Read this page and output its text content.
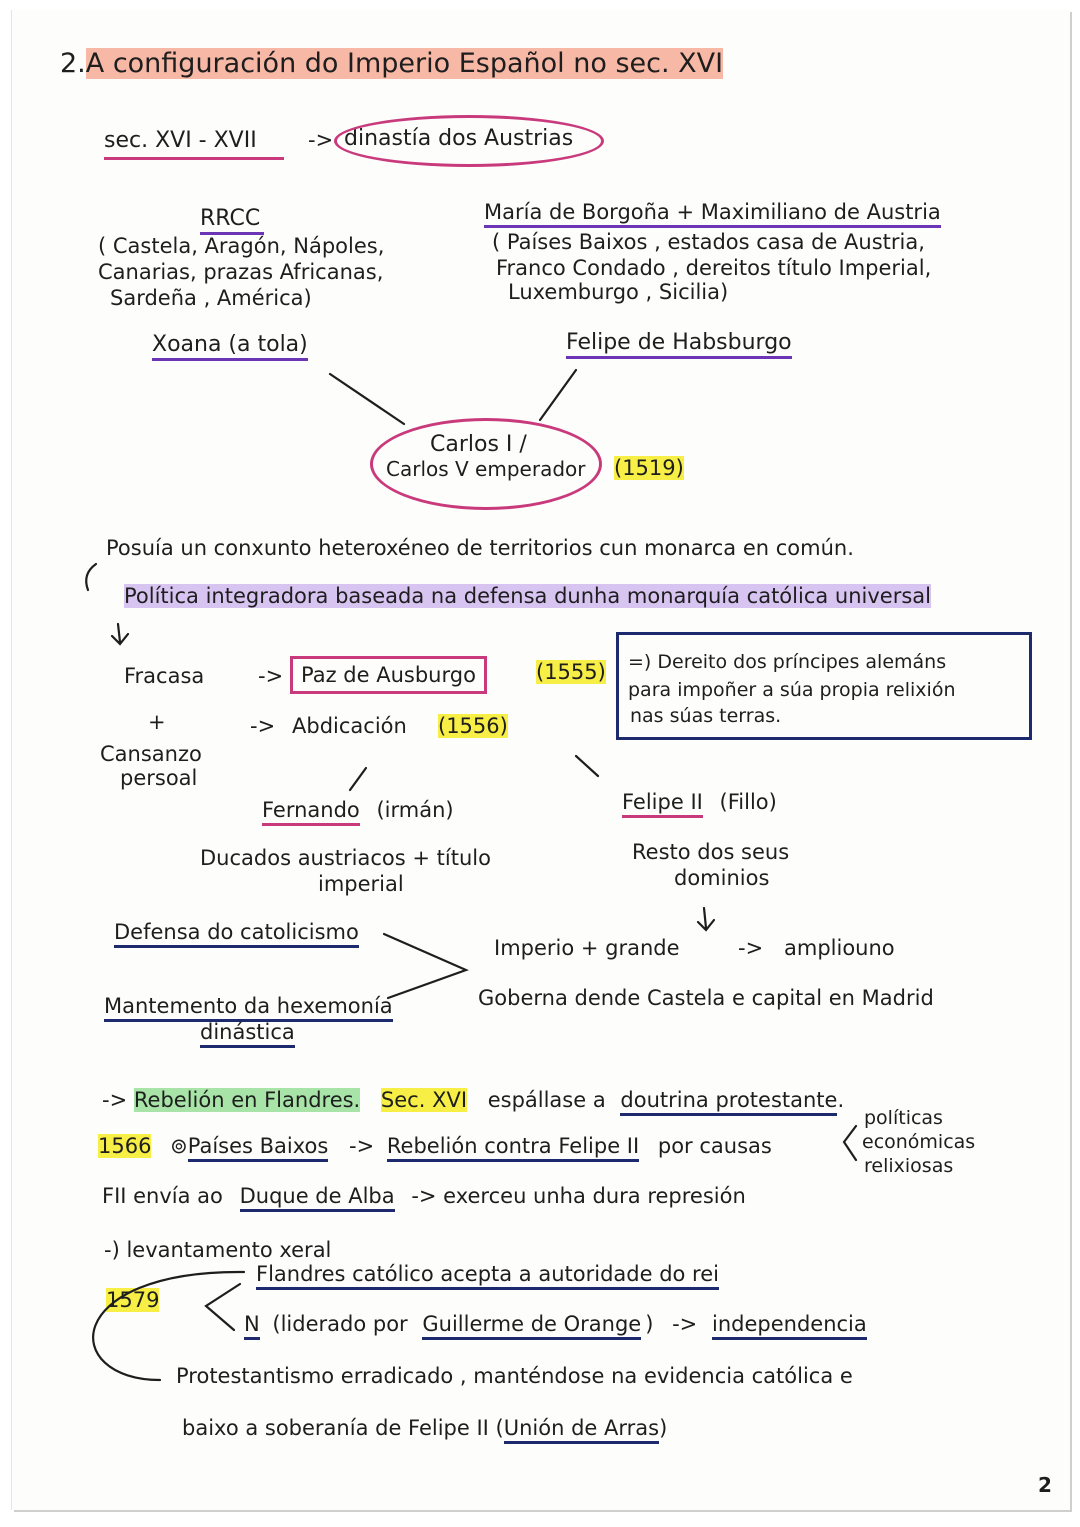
2.A configuración do Imperio Español no sec. XVI
sec. XVI - XVII -> dinastía dos Austrias
RRCC
( Castela, Aragón, Nápoles,
Canarias, prazas Africanas,
Sardeña , América)
María de Borgoña + Maximiliano de Austria
( Países Baixos , estados casa de Austria,
Franco Condado , dereitos título Imperial,
Luxemburgo , Sicilia)
Xoana (a tola)	Felipe de Habsburgo
Carlos I /
Carlos V emperador (1519)
Posuía un conxunto heteroxéneo de territorios cun monarca en común.
Política integradora baseada na defensa dunha monarquía católica universal
Fracasa
+
Cansanzo
persoal
-> Paz de Ausburgo	(1555) =) Dereito dos príncipes alemáns
para impoñer a súa propia relixión
nas súas terras.
-> Abdicación (1556)
Fernando (irmán)
Ducados austriacos + título
imperial
Felipe II (Fillo)
Resto dos seus
dominios
Defensa do catolicismo
Mantemento da hexemonía
dinástica
Imperio + grande	-> ampliouno
Goberna dende Castela e capital en Madrid
-> Rebelión en Flandres. Sec. XVI espállase a doutrina protestante.
1566 ⊚Países Baixos -> Rebelión contra Felipe II por causas
políticas
económicas
relixiosas
FII envía ao Duque de Alba -> exerceu unha dura represión
-) levantamento xeral
1579
Flandres católico acepta a autoridade do rei
N (liderado por Guillerme de Orange ) -> independencia
Protestantismo erradicado , manténdose na evidencia católica e
baixo a soberanía de Felipe II (Unión de Arras)
2
